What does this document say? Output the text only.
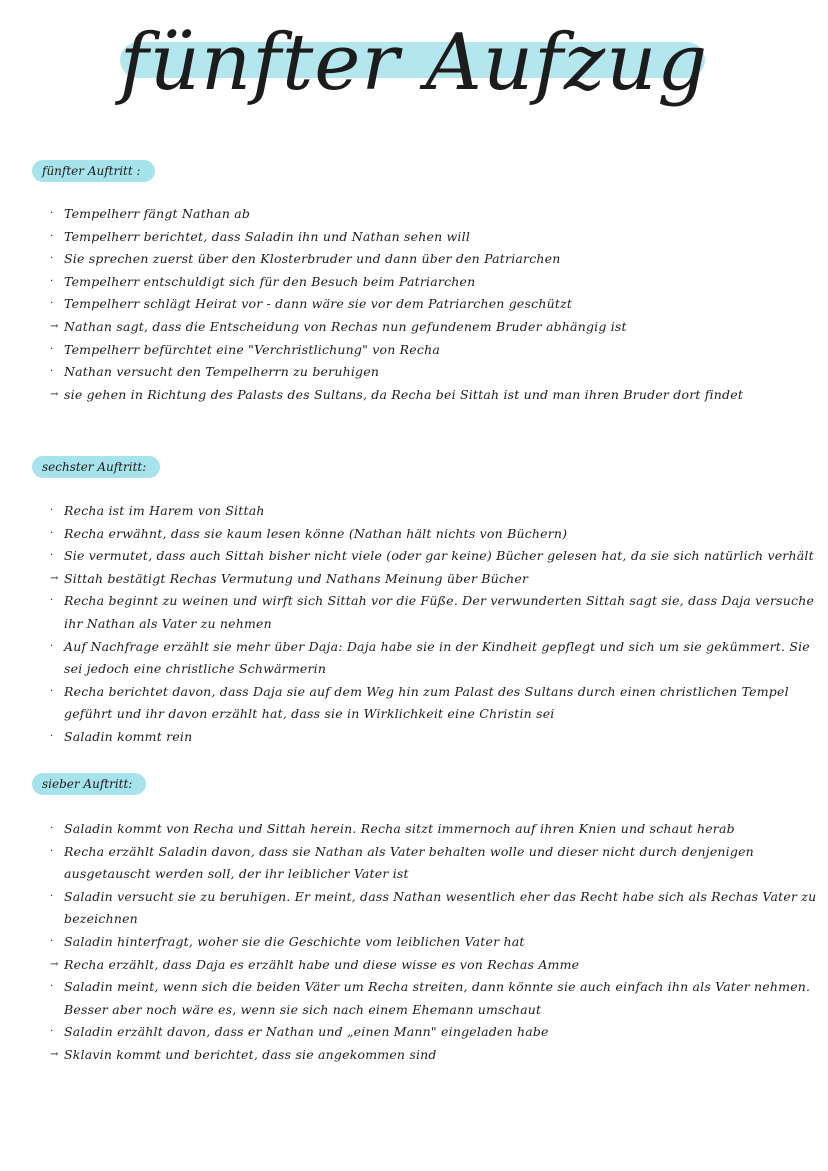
fünfter Aufzug
fünfter Auftritt :
· Tempelherr fängt Nathan ab
· Tempelherr berichtet, dass Saladin ihn und Nathan sehen will
· Sie sprechen zuerst über den Klosterbruder und dann über den Patriarchen
· Tempelherr entschuldigt sich für den Besuch beim Patriarchen
· Tempelherr schlägt Heirat vor - dann wäre sie vor dem Patriarchen geschützt
→ Nathan sagt, dass die Entscheidung von Rechas nun gefundenem Bruder abhängig ist
· Tempelherr befürchtet eine "Verchristlichung" von Recha
· Nathan versucht den Tempelherrn zu beruhigen
→ sie gehen in Richtung des Palasts des Sultans, da Recha bei Sittah ist und man ihren Bruder dort findet
sechster Auftritt:
· Recha ist im Harem von Sittah
· Recha erwähnt, dass sie kaum lesen könne (Nathan hält nichts von Büchern)
· Sie vermutet, dass auch Sittah bisher nicht viele (oder gar keine) Bücher gelesen hat, da sie sich natürlich verhält
→ Sittah bestätigt Rechas Vermutung und Nathans Meinung über Bücher
· Recha beginnt zu weinen und wirft sich Sittah vor die Füße. Der verwunderten Sittah sagt sie, dass Daja versuche ihr Nathan als Vater zu nehmen
· Auf Nachfrage erzählt sie mehr über Daja: Daja habe sie in der Kindheit gepflegt und sich um sie gekümmert. Sie sei jedoch eine christliche Schwärmerin
· Recha berichtet davon, dass Daja sie auf dem Weg hin zum Palast des Sultans durch einen christlichen Tempel geführt und ihr davon erzählt hat, dass sie in Wirklichkeit eine Christin sei
· Saladin kommt rein
sieber Auftritt:
· Saladin kommt von Recha und Sittah herein. Recha sitzt immernoch auf ihren Knien und schaut herab
· Recha erzählt Saladin davon, dass sie Nathan als Vater behalten wolle und dieser nicht durch denjenigen ausgetauscht werden soll, der ihr leiblicher Vater ist
· Saladin versucht sie zu beruhigen. Er meint, dass Nathan wesentlich eher das Recht habe sich als Rechas Vater zu bezeichnen
· Saladin hinterfragt, woher sie die Geschichte vom leiblichen Vater hat
→ Recha erzählt, dass Daja es erzählt habe und diese wisse es von Rechas Amme
· Saladin meint, wenn sich die beiden Väter um Recha streiten, dann könnte sie auch einfach ihn als Vater nehmen. Besser aber noch wäre es, wenn sie sich nach einem Ehemann umschaut
· Saladin erzählt davon, dass er Nathan und „einen Mann" eingeladen habe
→ Sklavin kommt und berichtet, dass sie angekommen sind
